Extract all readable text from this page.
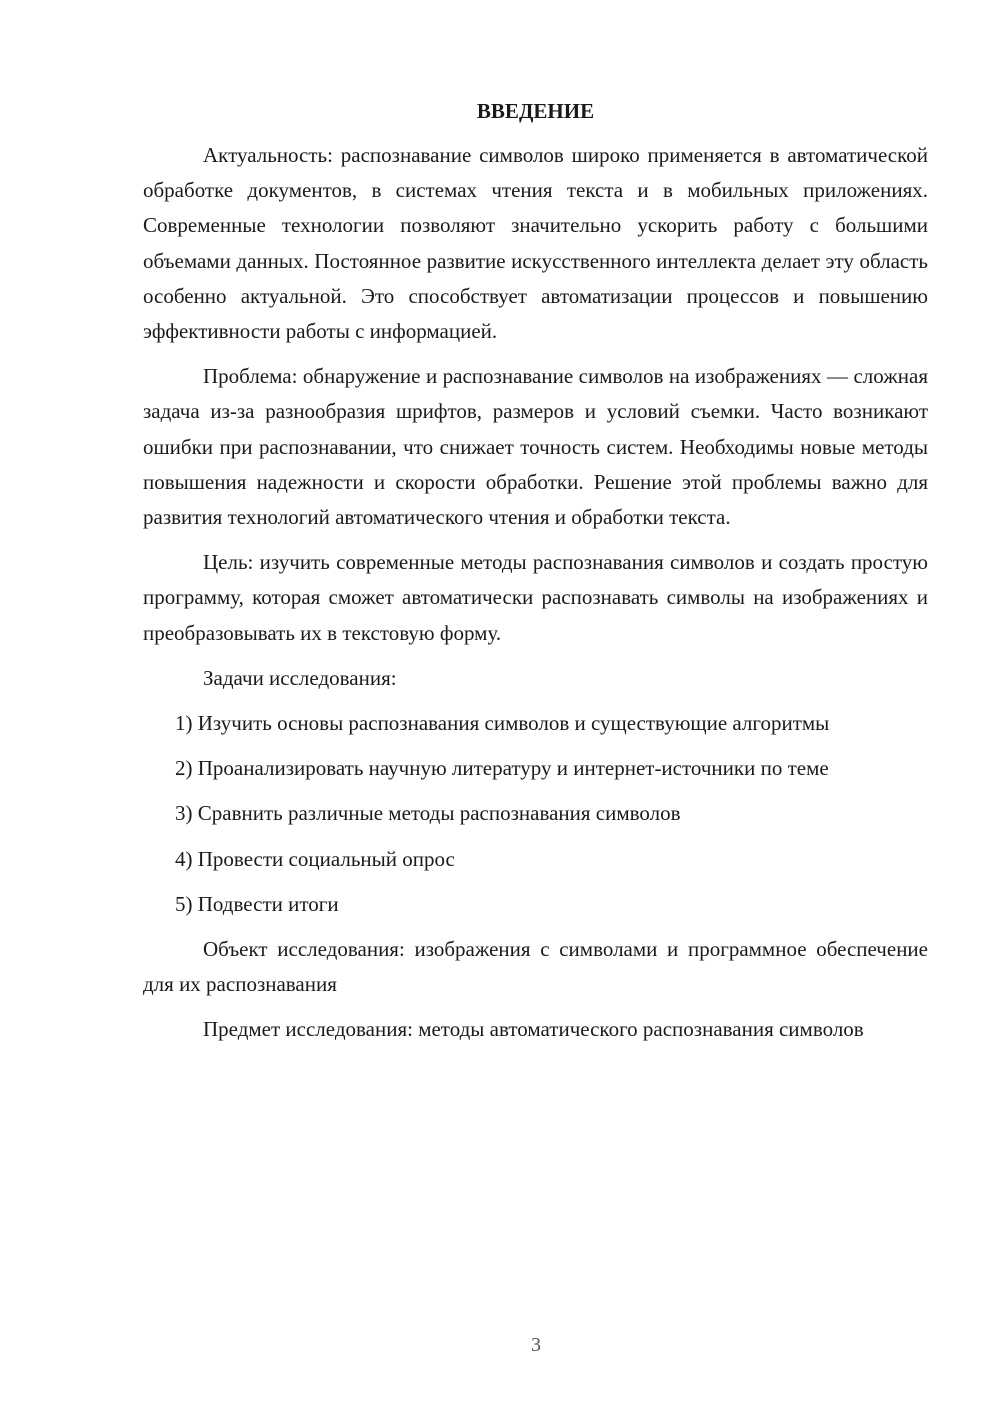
ВВЕДЕНИЕ

Актуальность: распознавание символов широко применяется в автоматической обработке документов, в системах чтения текста и в мобильных приложениях. Современные технологии позволяют значительно ускорить работу с большими объемами данных. Постоянное развитие искусственного интеллекта делает эту область особенно актуальной. Это способствует автоматизации процессов и повышению эффективности работы с информацией.

Проблема: обнаружение и распознавание символов на изображениях — сложная задача из-за разнообразия шрифтов, размеров и условий съемки. Часто возникают ошибки при распознавании, что снижает точность систем. Необходимы новые методы повышения надежности и скорости обработки. Решение этой проблемы важно для развития технологий автоматического чтения и обработки текста.

Цель: изучить современные методы распознавания символов и создать простую программу, которая сможет автоматически распознавать символы на изображениях и преобразовывать их в текстовую форму.

Задачи исследования:

1) Изучить основы распознавания символов и существующие алгоритмы

2) Проанализировать научную литературу и интернет-источники по теме

3) Сравнить различные методы распознавания символов

4) Провести социальный опрос

5) Подвести итоги

Объект исследования: изображения с символами и программное обеспечение для их распознавания

Предмет исследования: методы автоматического распознавания символов

3
